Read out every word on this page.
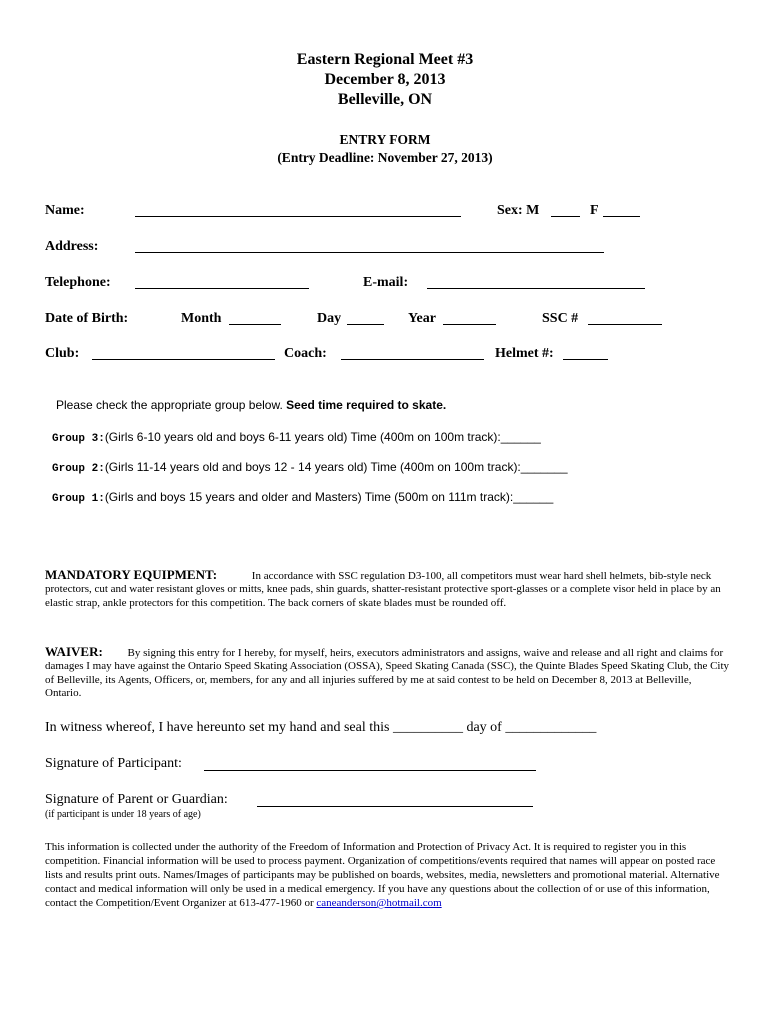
Eastern Regional Meet #3
December 8, 2013
Belleville, ON
ENTRY FORM
(Entry Deadline: November 27, 2013)
Name:	Sex: M	F
Address:
Telephone:	E-mail:
Date of Birth:	Month	Day	Year	SSC #
Club:	Coach:	Helmet #:
Please check the appropriate group below. Seed time required to skate.
Group 3:(Girls 6-10 years old and boys 6-11 years old) Time (400m on 100m track):______
Group 2:(Girls 11-14 years old and boys 12 - 14 years old) Time (400m on 100m track):_______
Group 1:(Girls and boys 15 years and older and Masters) Time (500m on 111m track):______
MANDATORY EQUIPMENT:	In accordance with SSC regulation D3-100, all competitors must wear hard shell helmets, bib-style neck protectors, cut and water resistant gloves or mitts, knee pads, shin guards, shatter-resistant protective sport-glasses or a complete visor held in place by an elastic strap, ankle protectors for this competition. The back corners of skate blades must be rounded off.
WAIVER: By signing this entry for I hereby, for myself, heirs, executors administrators and assigns, waive and release and all right and claims for damages I may have against the Ontario Speed Skating Association (OSSA), Speed Skating Canada (SSC), the Quinte Blades Speed Skating Club, the City of Belleville, its Agents, Officers, or, members, for any and all injuries suffered by me at said contest to be held on December 8, 2013 at Belleville, Ontario.
In witness whereof, I have hereunto set my hand and seal this __________ day of _____________
Signature of Participant:
Signature of Parent or Guardian:
(if participant is under 18 years of age)
This information is collected under the authority of the Freedom of Information and Protection of Privacy Act. It is required to register you in this competition. Financial information will be used to process payment. Organization of competitions/events required that names will appear on posted race lists and results print outs. Names/Images of participants may be published on boards, websites, media, newsletters and promotional material. Alternative contact and medical information will only be used in a medical emergency. If you have any questions about the collection of or use of this information, contact the Competition/Event Organizer at 613-477-1960 or caneanderson@hotmail.com
